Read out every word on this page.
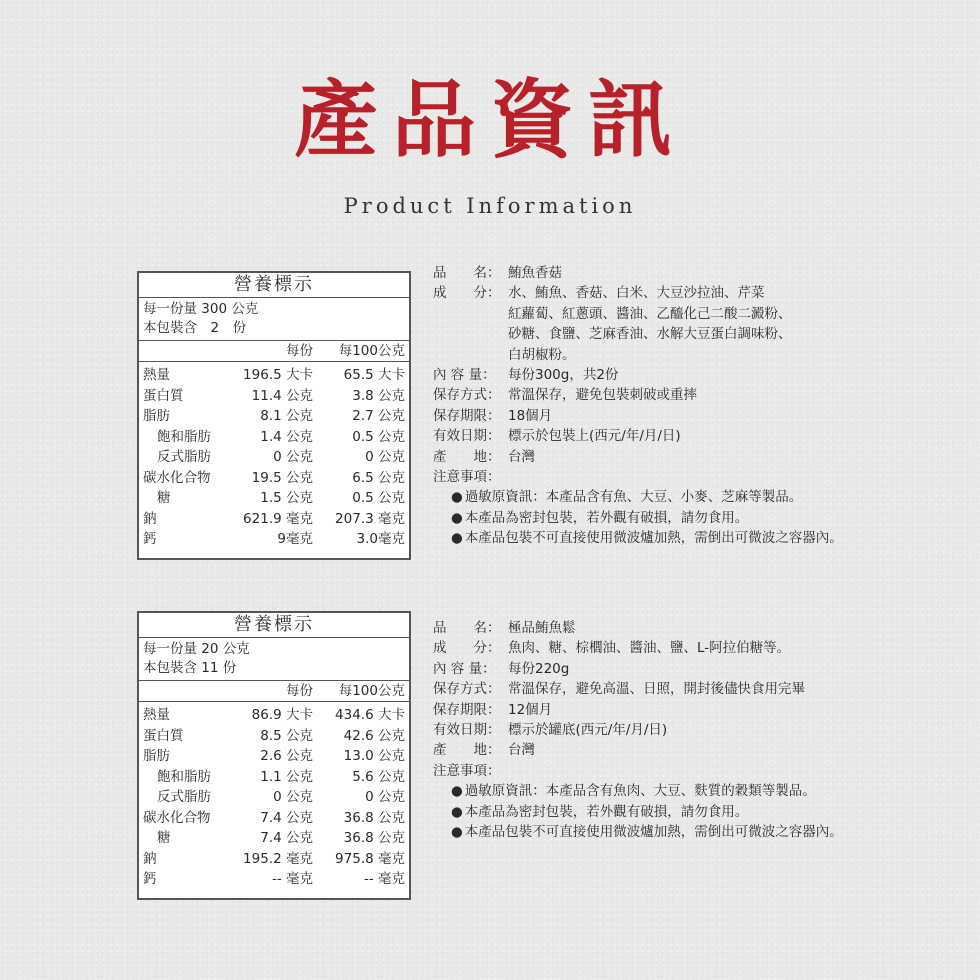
產品資訊
Product Information
營養標示
每一份量 300 公克
本包裝含　2　份
每份 每100公克
熱量	196.5 大卡 65.5 大卡
蛋白質	11.4 公克	3.8 公克
脂肪	8.1 公克	2.7 公克
飽和脂肪	1.4 公克	0.5 公克
反式脂肪	0 公克	0 公克
碳水化合物	19.5 公克	6.5 公克
糖	1.5 公克	0.5 公克
鈉	621.9 毫克 207.3 毫克
鈣	9毫克	3.0毫克
品　　名： 鮪魚香菇
成　　分： 水、鮪魚、香菇、白米、大豆沙拉油、芹菜
紅蘿蔔、紅蔥頭、醬油、乙醯化己二酸二澱粉、
砂糖、食鹽、芝麻香油、水解大豆蛋白調味粉、
白胡椒粉。
內 容 量： 每份300g，共2份
保存方式： 常溫保存，避免包裝刺破或重摔
保存期限： 18個月
有效日期： 標示於包裝上(西元/年/月/日)
產　　地： 台灣
注意事項：
● 過敏原資訊：本產品含有魚、大豆、小麥、芝麻等製品。
● 本產品為密封包裝，若外觀有破損，請勿食用。
● 本產品包裝不可直接使用微波爐加熱，需倒出可微波之容器內。
營養標示
每一份量 20 公克
本包裝含 11 份
每份 每100公克
熱量	86.9 大卡 434.6 大卡
蛋白質	8.5 公克 42.6 公克
脂肪	2.6 公克 13.0 公克
飽和脂肪	1.1 公克	5.6 公克
反式脂肪	0 公克	0 公克
碳水化合物	7.4 公克 36.8 公克
糖	7.4 公克 36.8 公克
鈉	195.2 毫克 975.8 毫克
鈣	-- 毫克	-- 毫克
品　　名： 極品鮪魚鬆
成　　分： 魚肉、糖、棕櫚油、醬油、鹽、L-阿拉伯糖等。
內 容 量： 每份220g
保存方式： 常溫保存，避免高溫、日照，開封後儘快食用完畢
保存期限： 12個月
有效日期： 標示於罐底(西元/年/月/日)
產　　地： 台灣
注意事項：
● 過敏原資訊：本產品含有魚肉、大豆、麩質的穀類等製品。
● 本產品為密封包裝，若外觀有破損，請勿食用。
● 本產品包裝不可直接使用微波爐加熱，需倒出可微波之容器內。
